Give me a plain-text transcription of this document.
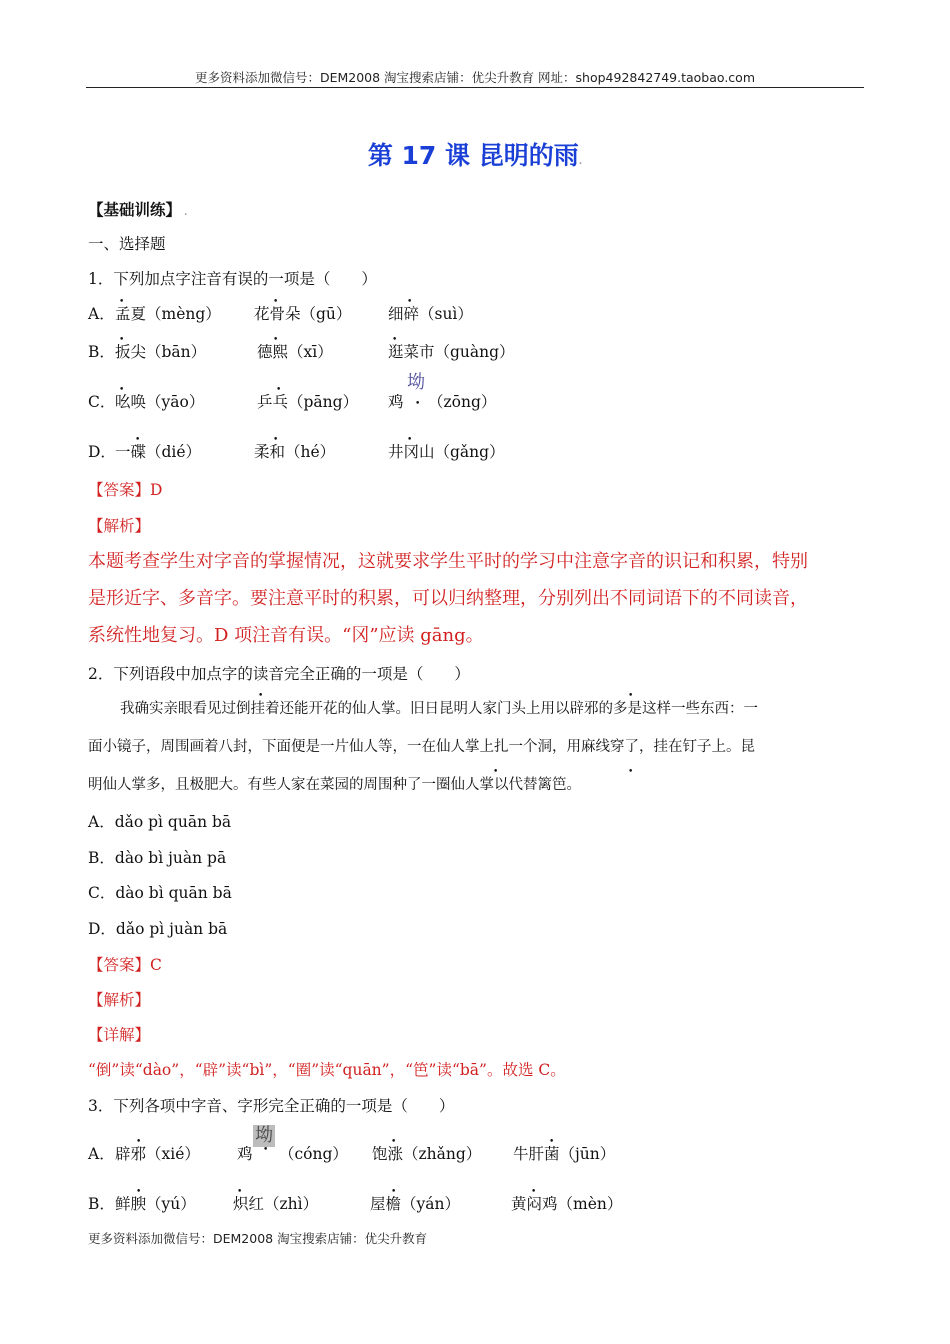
更多资料添加微信号：DEM2008 淘宝搜索店铺：优尖升教育 网址：shop492842749.taobao.com
第 17 课 昆明的雨.
【基础训练】 .
一、选择题
1．下列加点字注音有误的一项是（　　）
A．
•
孟夏（mèng）
•
花骨朵（gū）
•
细碎（suì）
B．
•
扳尖（bān）
•
德熙（xī）
•
逛菜市（guàng）
C．
•
吆唤（yāo）
•
乒乓（pāng） 鸡
坳
• （zōng）
D．
•
一碟（dié）
•
柔和（hé）
•
井冈山（gǎng）
【答案】D
【解析】
本题考查学生对字音的掌握情况，这就要求学生平时的学习中注意字音的识记和积累，特别
是形近字、多音字。要注意平时的积累，可以归纳整理，分别列出不同词语下的不同读音，
系统性地复习。D 项注音有误。“冈”应读 gāng。
2．下列语段中加点字的读音完全正确的一项是（　　）
我确实亲眼看见过倒挂着还能开花的仙人掌。旧日昆明人家门头上用以辟邪的多是这样一些东西：一
•	•
面小镜子，周围画着八封，下面便是一片仙人等，一在仙人掌上扎一个洞，用麻线穿了，挂在钉子上。昆
明仙人掌多，且极肥大。有些人家在菜园的周围种了一圈仙人掌以代替篱笆。
•	•
A．dǎo pì quān bā
B．dào bì juàn pā
C．dào bì quān bā
D．dǎo pì juàn bā
【答案】C
【解析】
【详解】
“倒”读“dào”，“辟”读“bì”，“圈”读“quān”，“笆”读“bā”。故选 C。
3．下列各项中字音、字形完全正确的一项是（　　）
A．
•
辟邪（xié） 鸡
坳
• （cóng）
•
饱涨（zhǎng）
•
牛肝菌（jūn）
B．
•
鲜腴（yú）
•
炽红（zhì）
•
屋檐（yán）
•
黄闷鸡（mèn）
更多资料添加微信号：DEM2008 淘宝搜索店铺：优尖升教育
